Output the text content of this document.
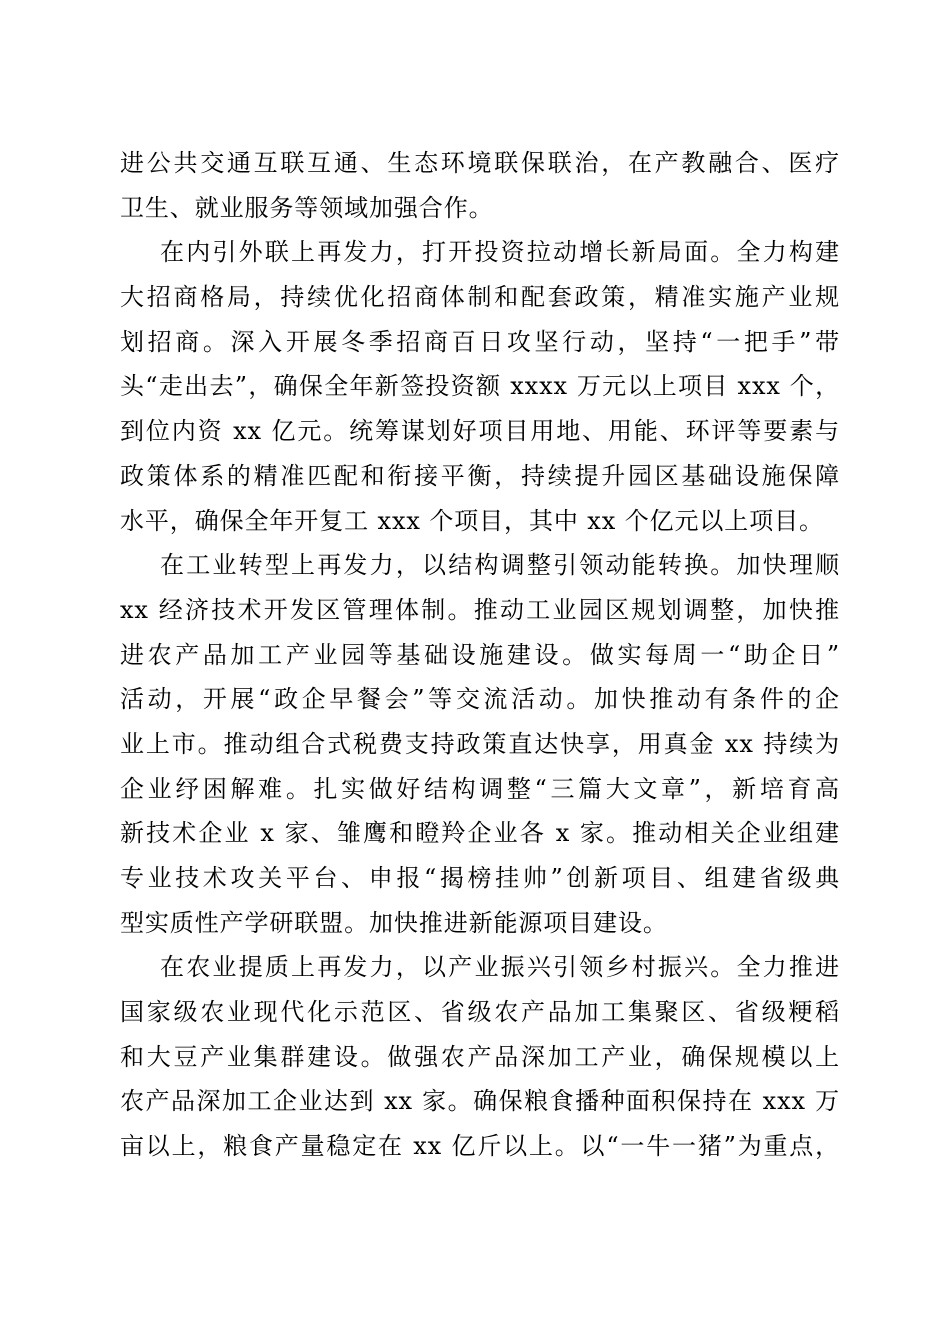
进公共交通互联互通、生态环境联保联治，在产教融合、医疗
卫生、就业服务等领域加强合作。
在内引外联上再发力，打开投资拉动增长新局面。全力构建
大招商格局，持续优化招商体制和配套政策，精准实施产业规
划招商。深入开展冬季招商百日攻坚行动，坚持“一把手”带
头“走出去”，确保全年新签投资额 xxxx 万元以上项目 xxx 个，
到位内资 xx 亿元。统筹谋划好项目用地、用能、环评等要素与
政策体系的精准匹配和衔接平衡，持续提升园区基础设施保障
水平，确保全年开复工 xxx 个项目，其中 xx 个亿元以上项目。
在工业转型上再发力，以结构调整引领动能转换。加快理顺
xx 经济技术开发区管理体制。推动工业园区规划调整，加快推
进农产品加工产业园等基础设施建设。做实每周一“助企日”
活动，开展“政企早餐会”等交流活动。加快推动有条件的企
业上市。推动组合式税费支持政策直达快享，用真金 xx 持续为
企业纾困解难。扎实做好结构调整“三篇大文章”，新培育高
新技术企业 x 家、雏鹰和瞪羚企业各 x 家。推动相关企业组建
专业技术攻关平台、申报“揭榜挂帅”创新项目、组建省级典
型实质性产学研联盟。加快推进新能源项目建设。
在农业提质上再发力，以产业振兴引领乡村振兴。全力推进
国家级农业现代化示范区、省级农产品加工集聚区、省级粳稻
和大豆产业集群建设。做强农产品深加工产业，确保规模以上
农产品深加工企业达到 xx 家。确保粮食播种面积保持在 xxx 万
亩以上，粮食产量稳定在 xx 亿斤以上。以“一牛一猪”为重点，
